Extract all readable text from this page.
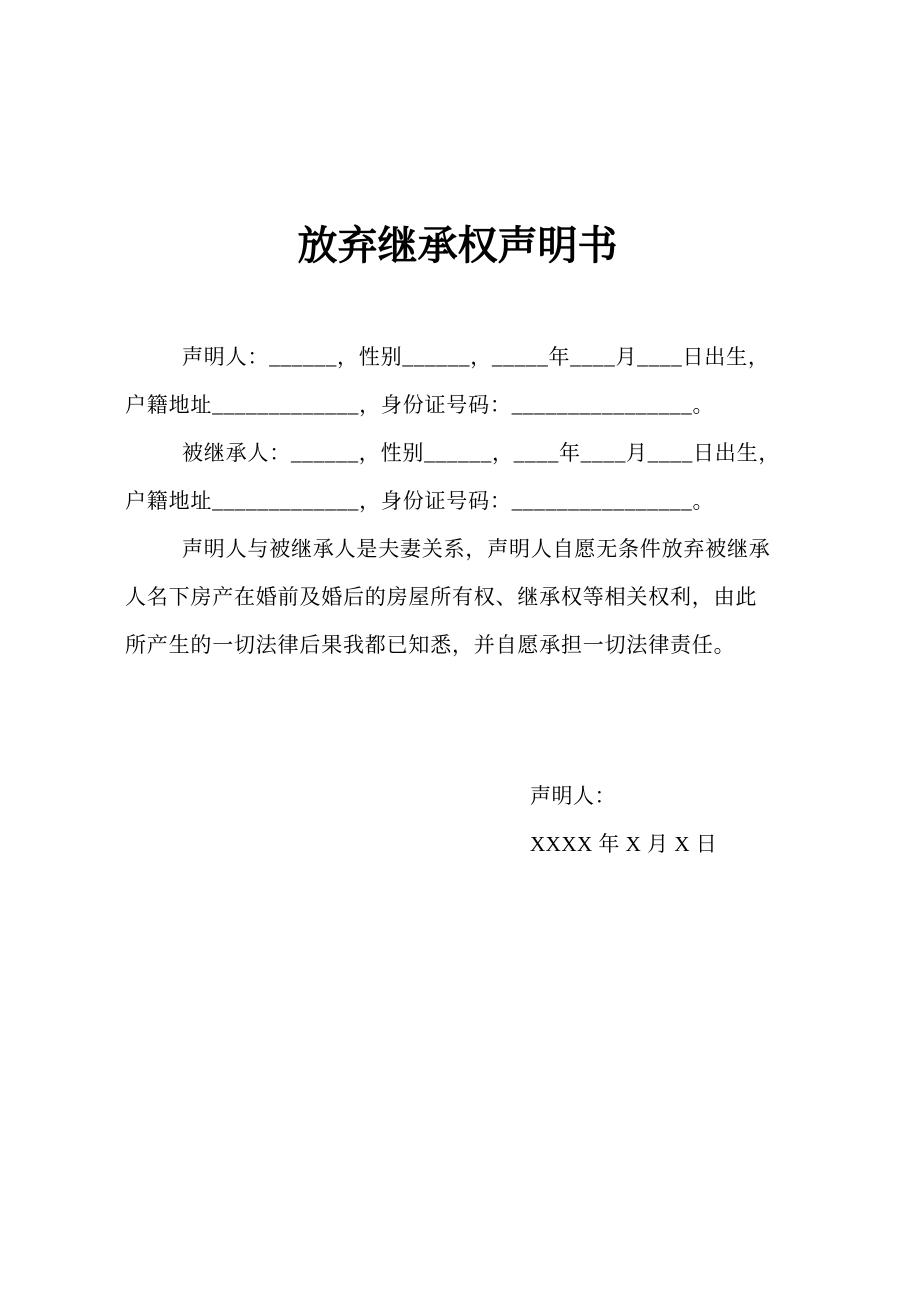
放弃继承权声明书
声明人：______，性别______，_____年____月____日出生，
户籍地址_____________，身份证号码：________________。
被继承人：______，性别______，____年____月____日出生，
户籍地址_____________，身份证号码：________________。
声明人与被继承人是夫妻关系，声明人自愿无条件放弃被继承
人名下房产在婚前及婚后的房屋所有权、继承权等相关权利，由此
所产生的一切法律后果我都已知悉，并自愿承担一切法律责任。
声明人：
XXXX 年 X 月 X 日
